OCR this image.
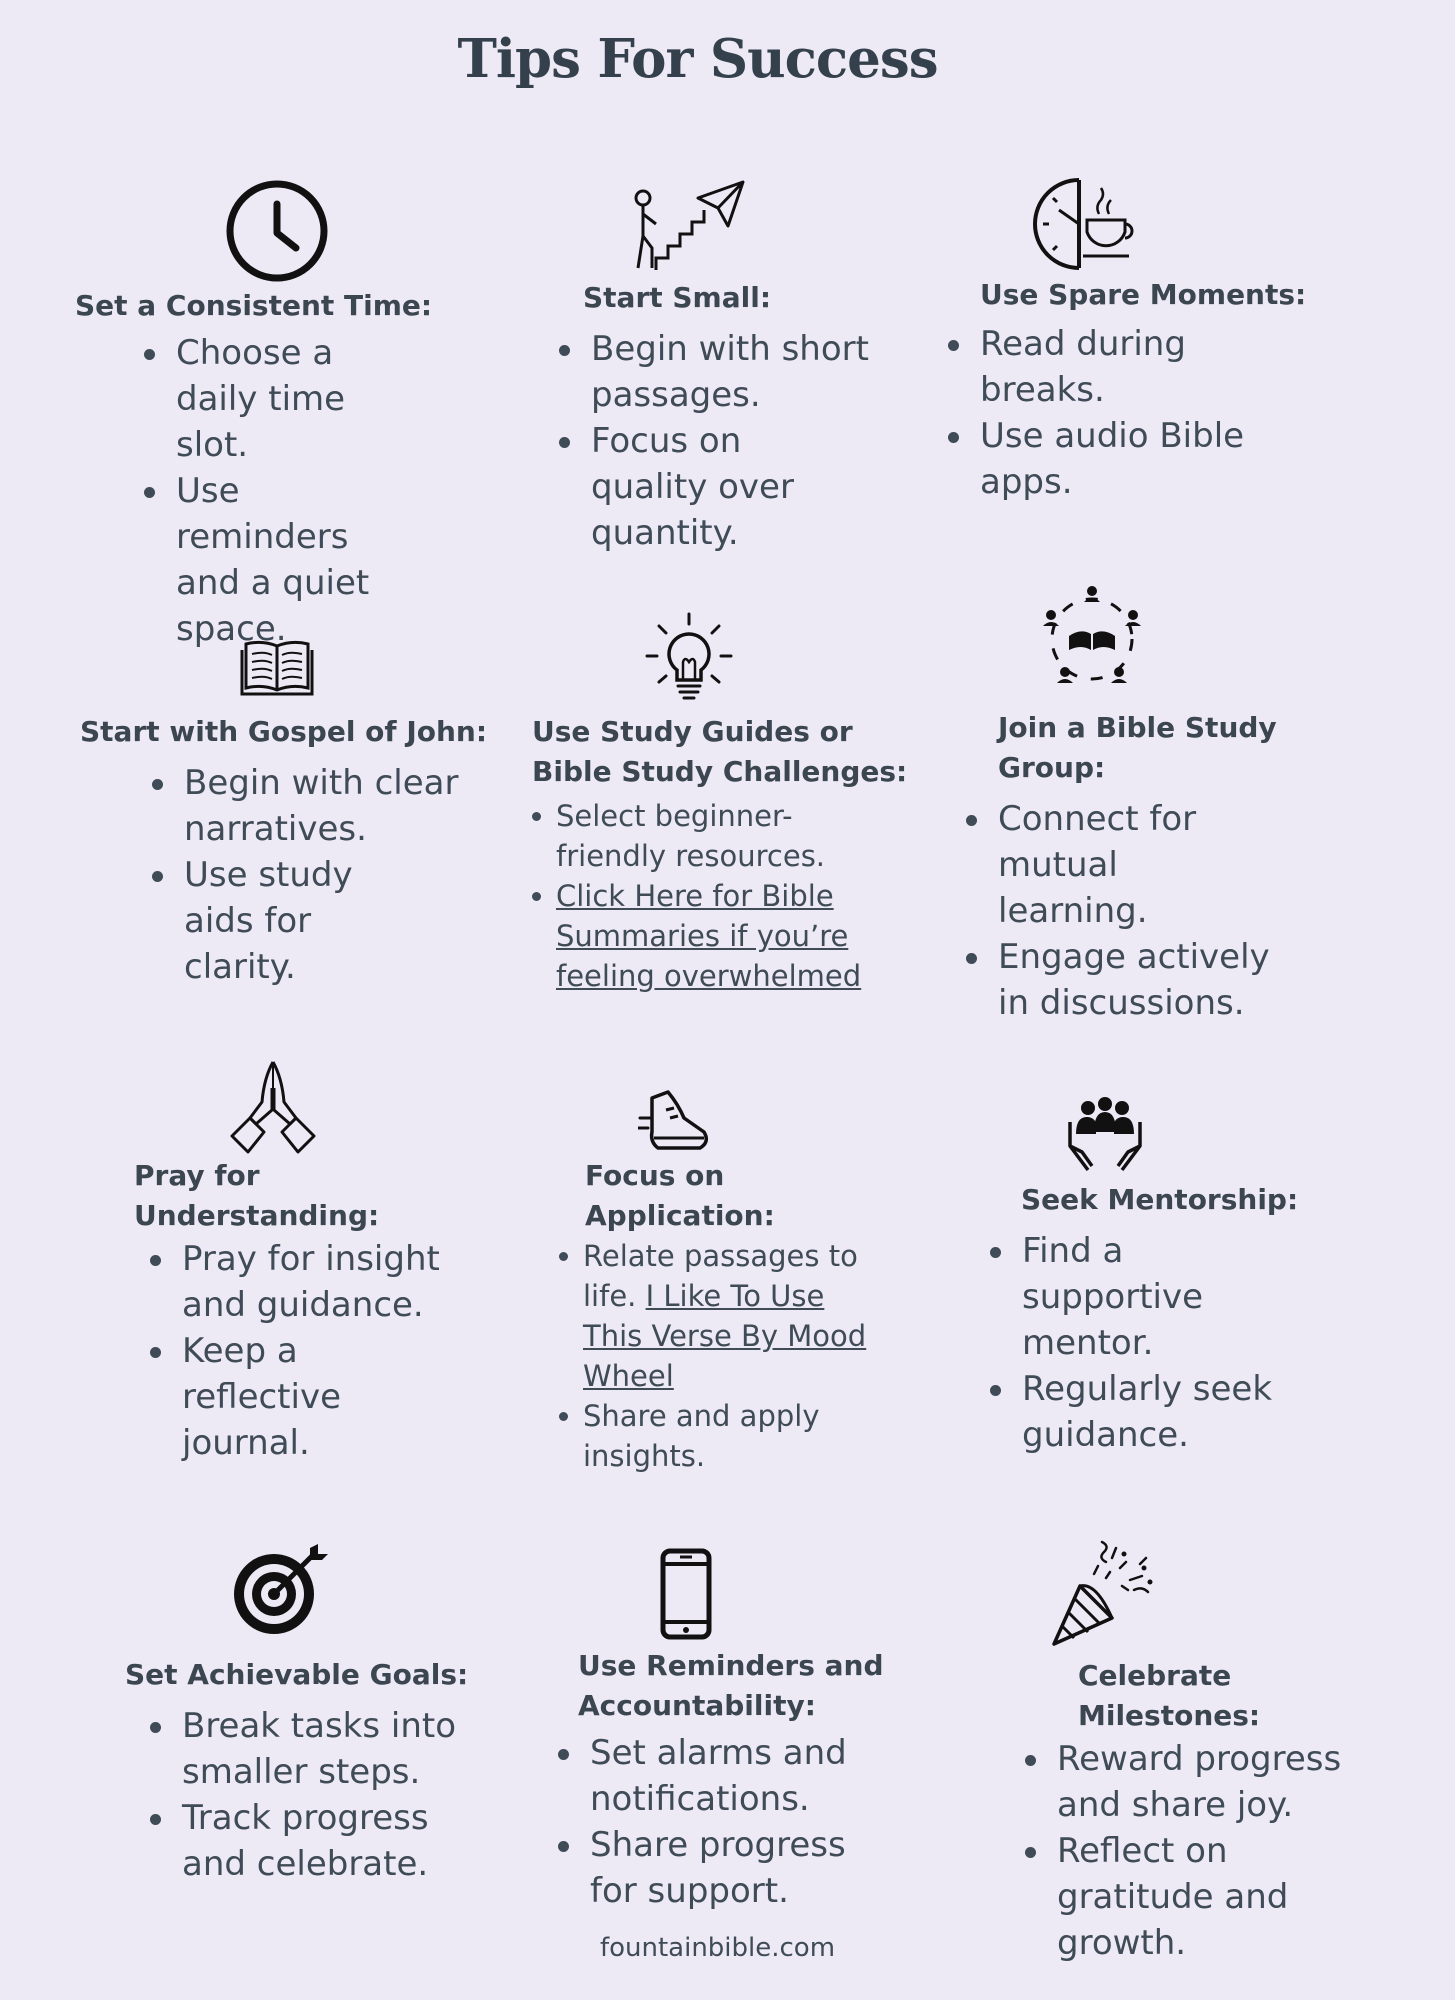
Tips For Success
Set a Consistent Time:
Choose a daily time slot.
Use reminders and a quiet space.
Start Small:
Begin with short passages.
Focus on quality over quantity.
Use Spare Moments:
Read during breaks.
Use audio Bible apps.
Start with Gospel of John:
Begin with clear narratives.
Use study aids for clarity.
Use Study Guides or
Bible Study Challenges:
Select beginner-friendly resources.
Click Here for Bible Summaries if you’re feeling overwhelmed
Join a Bible Study Group:
Connect for mutual learning.
Engage actively in discussions.
Pray for Understanding:
Pray for insight and guidance.
Keep a reflective journal.
Focus on Application:
Relate passages to life. I Like To Use This Verse By Mood Wheel
Share and apply insights.
Seek Mentorship:
Find a supportive mentor.
Regularly seek guidance.
Set Achievable Goals:
Break tasks into smaller steps.
Track progress and celebrate.
Use Reminders and Accountability:
Set alarms and notifications.
Share progress for support.
Celebrate Milestones:
Reward progress and share joy.
Reflect on gratitude and growth.
fountainbible.com
